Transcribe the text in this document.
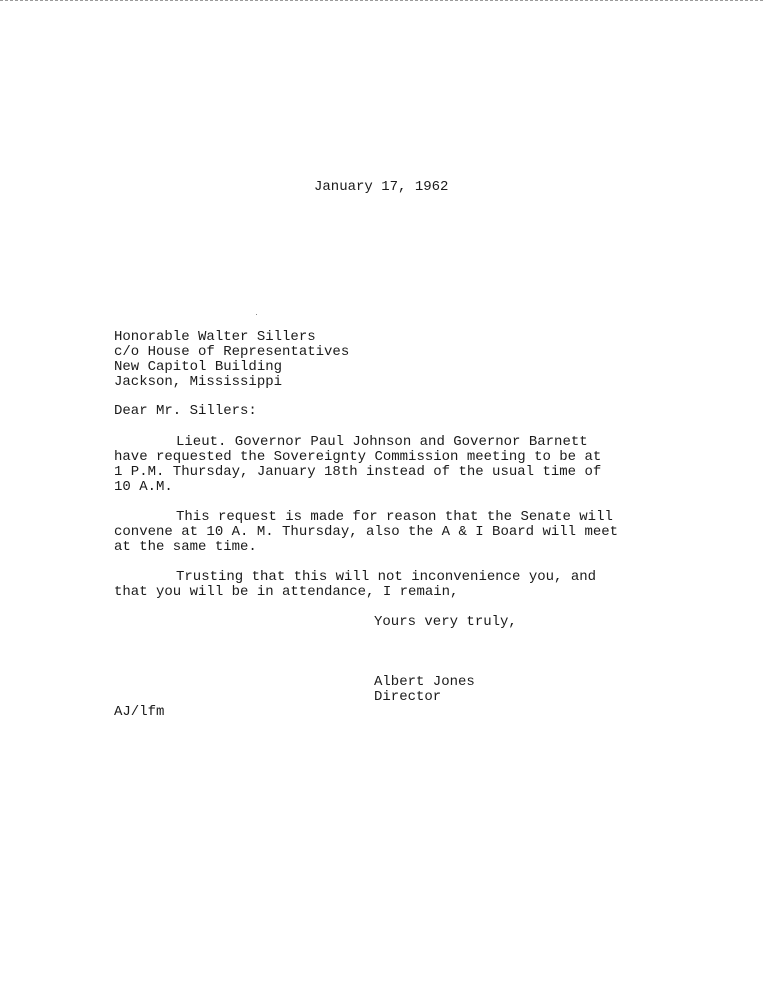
January 17, 1962
Honorable Walter Sillers
c/o House of Representatives
New Capitol Building
Jackson, Mississippi
Dear Mr. Sillers:
Lieut. Governor Paul Johnson and Governor Barnett
have requested the Sovereignty Commission meeting to be at
1 P.M. Thursday, January 18th instead of the usual time of
10 A.M.
This request is made for reason that the Senate will
convene at 10 A. M. Thursday, also the A & I Board will meet
at the same time.
Trusting that this will not inconvenience you, and
that you will be in attendance, I remain,
Yours very truly,
Albert Jones
Director
AJ/lfm
